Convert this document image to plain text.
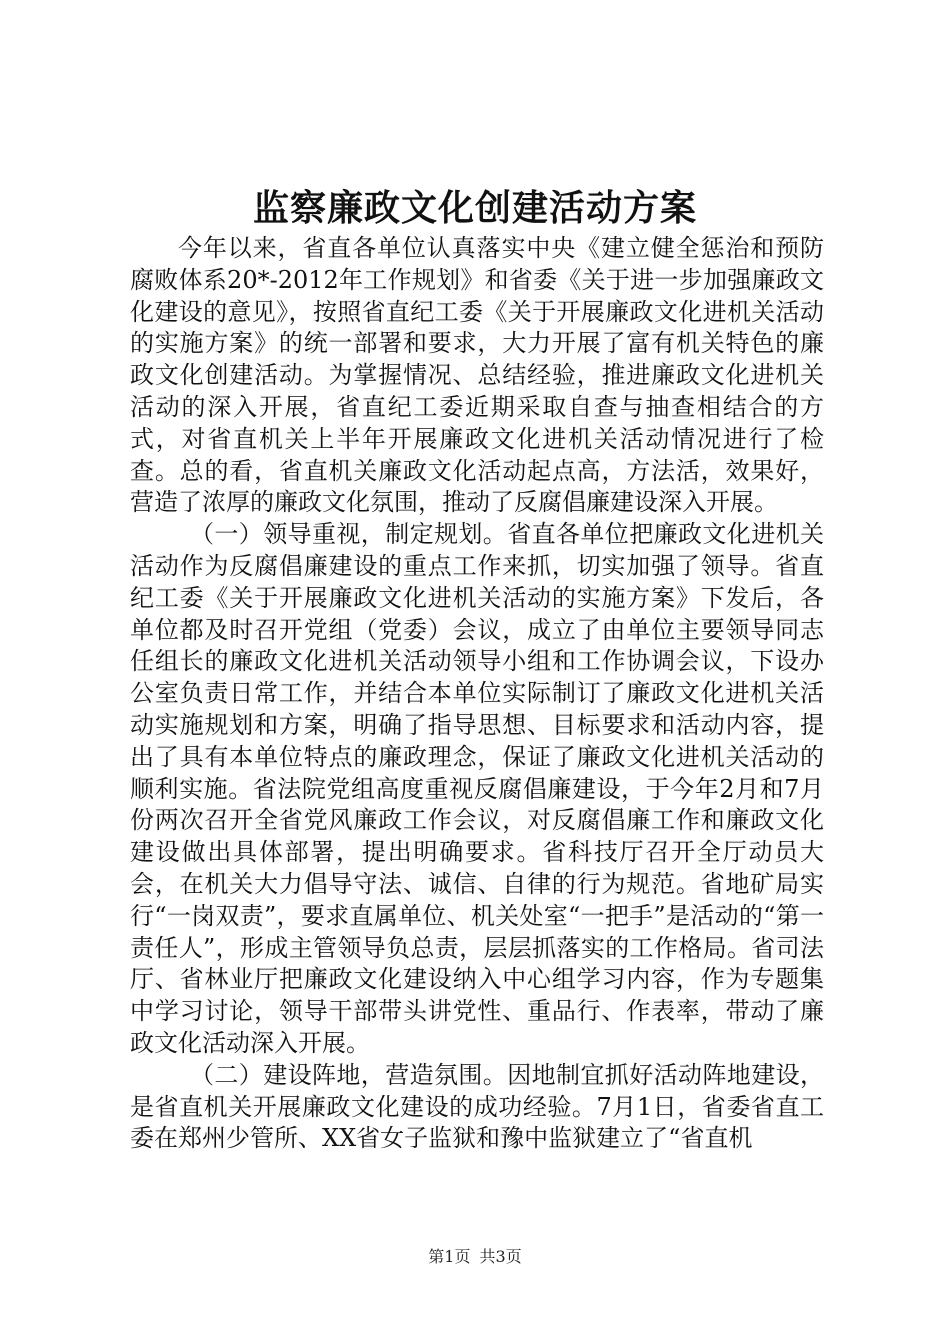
监察廉政文化创建活动方案

今年以来，省直各单位认真落实中央《建立健全惩治和预防腐败体系20*-2012年工作规划》和省委《关于进一步加强廉政文化建设的意见》，按照省直纪工委《关于开展廉政文化进机关活动的实施方案》的统一部署和要求，大力开展了富有机关特色的廉政文化创建活动。为掌握情况、总结经验，推进廉政文化进机关活动的深入开展，省直纪工委近期采取自查与抽查相结合的方式，对省直机关上半年开展廉政文化进机关活动情况进行了检查。总的看，省直机关廉政文化活动起点高，方法活，效果好，营造了浓厚的廉政文化氛围，推动了反腐倡廉建设深入开展。

（一）领导重视，制定规划。省直各单位把廉政文化进机关活动作为反腐倡廉建设的重点工作来抓，切实加强了领导。省直纪工委《关于开展廉政文化进机关活动的实施方案》下发后，各单位都及时召开党组（党委）会议，成立了由单位主要领导同志任组长的廉政文化进机关活动领导小组和工作协调会议，下设办公室负责日常工作，并结合本单位实际制订了廉政文化进机关活动实施规划和方案，明确了指导思想、目标要求和活动内容，提出了具有本单位特点的廉政理念，保证了廉政文化进机关活动的顺利实施。省法院党组高度重视反腐倡廉建设，于今年2月和7月份两次召开全省党风廉政工作会议，对反腐倡廉工作和廉政文化建设做出具体部署，提出明确要求。省科技厅召开全厅动员大会，在机关大力倡导守法、诚信、自律的行为规范。省地矿局实行“一岗双责”，要求直属单位、机关处室“一把手”是活动的“第一责任人”，形成主管领导负总责，层层抓落实的工作格局。省司法厅、省林业厅把廉政文化建设纳入中心组学习内容，作为专题集中学习讨论，领导干部带头讲党性、重品行、作表率，带动了廉政文化活动深入开展。

（二）建设阵地，营造氛围。因地制宜抓好活动阵地建设，是省直机关开展廉政文化建设的成功经验。7月1日，省委省直工委在郑州少管所、XX省女子监狱和豫中监狱建立了“省直机

第1页 共3页
